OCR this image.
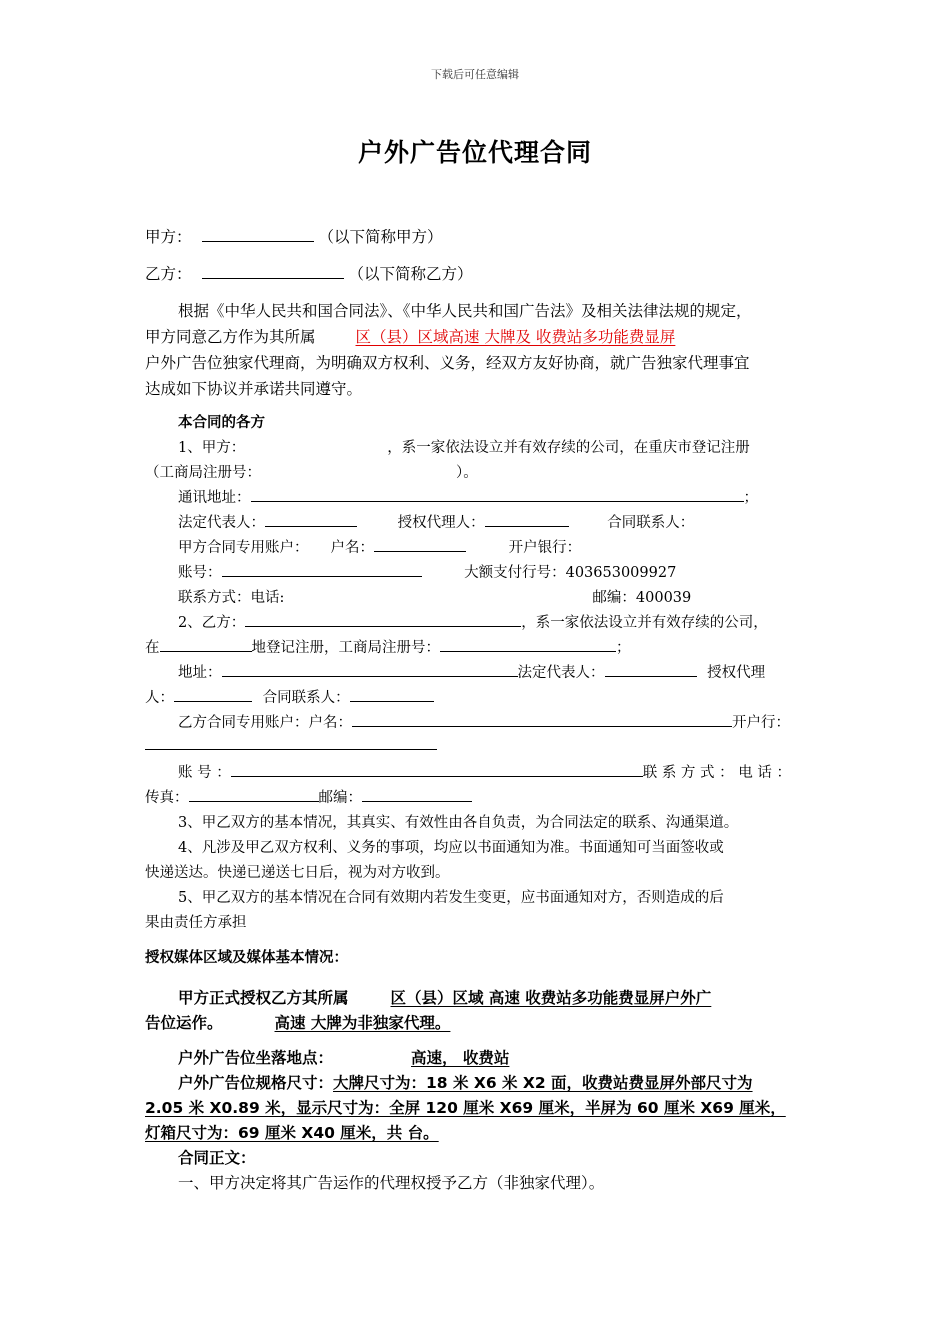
下载后可任意编辑
户外广告位代理合同
甲方：	（以下简称甲方）
乙方：	（以下简称乙方）
根据《中华人民共和国合同法》、《中华人民共和国广告法》及相关法律法规的规定，
甲方同意乙方作为其所属	区（县）区域高速 大牌及 收费站多功能费显屏
户外广告位独家代理商，为明确双方权利、义务，经双方友好协商，就广告独家代理事宜
达成如下协议并承诺共同遵守。
本合同的各方
1、甲方：	，系一家依法设立并有效存续的公司，在重庆市登记注册
（工商局注册号：	）。
通讯地址：	；
法定代表人：	授权代理人：	合同联系人：
甲方合同专用账户： 户名：	开户银行：
账号：	大额支付行号：403653009927
联系方式：电话:	邮编：400039
2、乙方：	，系一家依法设立并有效存续的公司，
在	地登记注册，工商局注册号：	；
地址：	法定代表人：	授权代理
人：	合同联系人：
乙方合同专用账户：户名：	开户行：
账 号 ：	联 系 方 式 ： 电 话 ：
传真：	邮编：
3、甲乙双方的基本情况，其真实、有效性由各自负责，为合同法定的联系、沟通渠道。
4、凡涉及甲乙双方权利、义务的事项，均应以书面通知为准。书面通知可当面签收或
快递送达。快递已递送七日后，视为对方收到。
5、甲乙双方的基本情况在合同有效期内若发生变更，应书面通知对方，否则造成的后
果由责任方承担
授权媒体区域及媒体基本情况：
甲方正式授权乙方其所属	区（县）区域 高速 收费站多功能费显屏户外广
告位运作。	高速 大牌为非独家代理。
户外广告位坐落地点：	高速， 收费站
户外广告位规格尺寸：大牌尺寸为：18 米 X6 米 X2 面，收费站费显屏外部尺寸为
2.05 米 X0.89 米，显示尺寸为：全屏 120 厘米 X69 厘米，半屏为 60 厘米 X69 厘米，
灯箱尺寸为：69 厘米 X40 厘米，共 台。
合同正文：
一、甲方决定将其广告运作的代理权授予乙方（非独家代理）。
